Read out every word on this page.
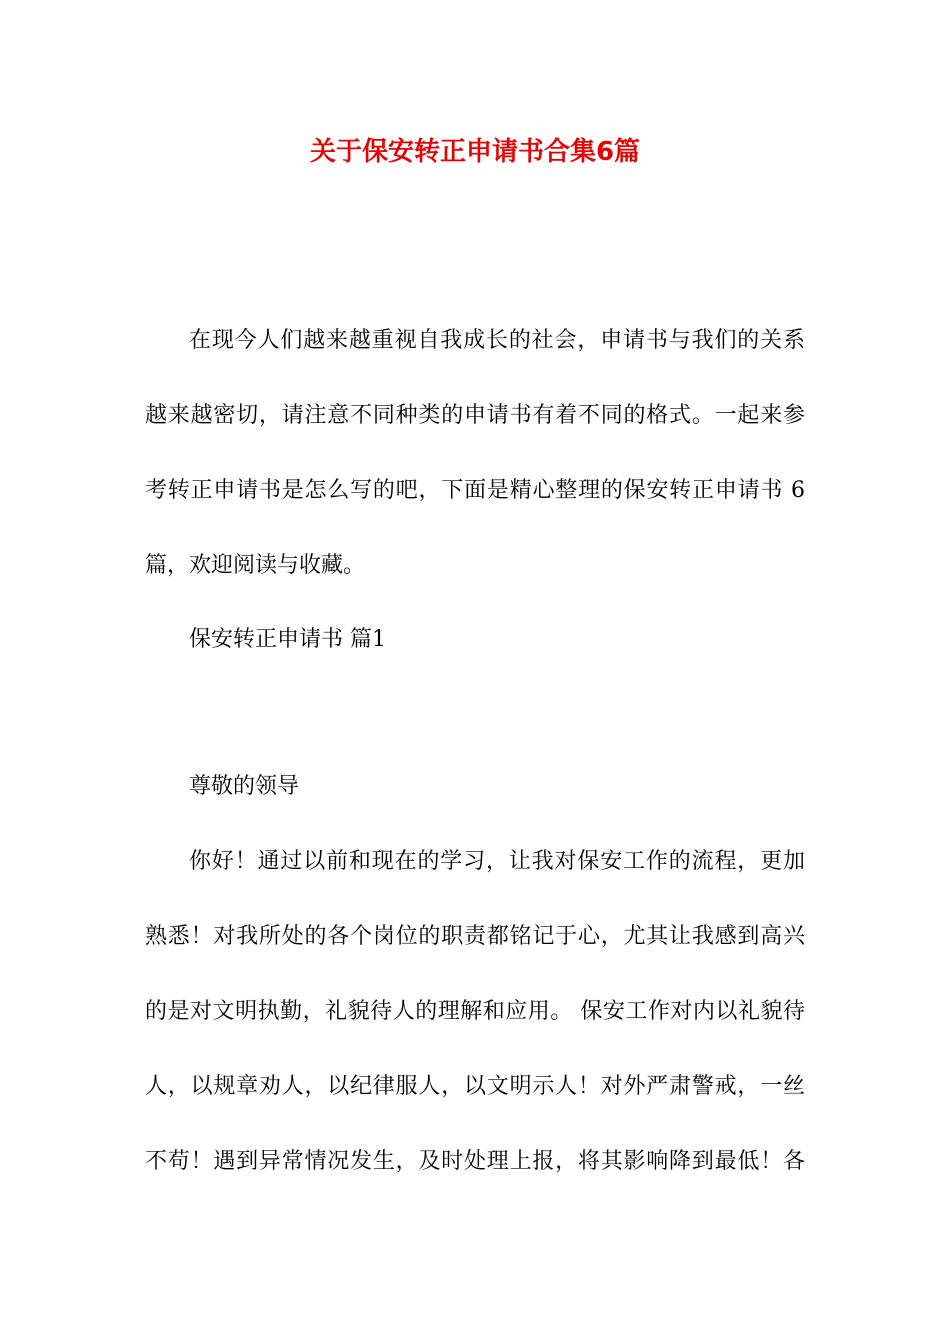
关于保安转正申请书合集6篇
在现今人们越来越重视自我成长的社会，申请书与我们的关系
越来越密切，请注意不同种类的申请书有着不同的格式。一起来参
考转正申请书是怎么写的吧，下面是精心整理的保安转正申请书 6
篇，欢迎阅读与收藏。
保安转正申请书 篇1
尊敬的领导
你好！通过以前和现在的学习，让我对保安工作的流程，更加
熟悉！对我所处的各个岗位的职责都铭记于心，尤其让我感到高兴
的是对文明执勤，礼貌待人的理解和应用。 保安工作对内以礼貌待
人，以规章劝人，以纪律服人，以文明示人！对外严肃警戒，一丝
不苟！遇到异常情况发生，及时处理上报，将其影响降到最低！各
